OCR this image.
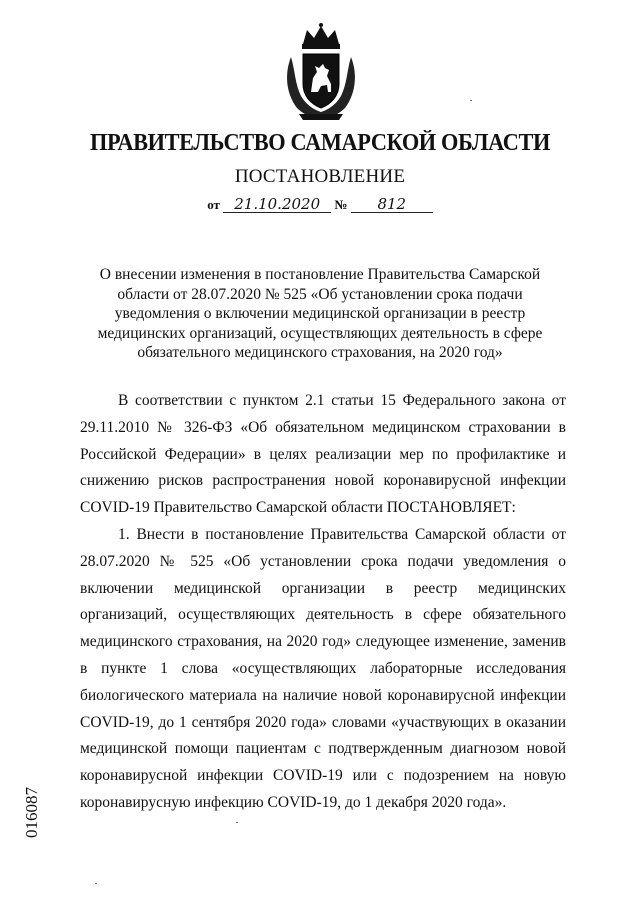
ПРАВИТЕЛЬСТВО САМАРСКОЙ ОБЛАСТИ
ПОСТАНОВЛЕНИЕ
от 21.10.2020 № 812
О внесении изменения в постановление Правительства Самарской области от 28.07.2020 № 525 «Об установлении срока подачи уведомления о включении медицинской организации в реестр медицинских организаций, осуществляющих деятельность в сфере обязательного медицинского страхования, на 2020 год»

В соответствии с пунктом 2.1 статьи 15 Федерального закона от 29.11.2010 № 326-ФЗ «Об обязательном медицинском страховании в Российской Федерации» в целях реализации мер по профилактике и снижению рисков распространения новой коронавирусной инфекции COVID-19 Правительство Самарской области ПОСТАНОВЛЯЕТ:

1. Внести в постановление Правительства Самарской области от 28.07.2020 № 525 «Об установлении срока подачи уведомления о включении медицинской организации в реестр медицинских организаций, осуществляющих деятельность в сфере обязательного медицинского страхования, на 2020 год» следующее изменение, заменив в пункте 1 слова «осуществляющих лабораторные исследования биологического материала на наличие новой коронавирусной инфекции COVID-19, до 1 сентября 2020 года» словами «участвующих в оказании медицинской помощи пациентам с подтвержденным диагнозом новой коронавирусной инфекции COVID-19 или с подозрением на новую коронавирусную инфекцию COVID-19, до 1 декабря 2020 года».

016087
